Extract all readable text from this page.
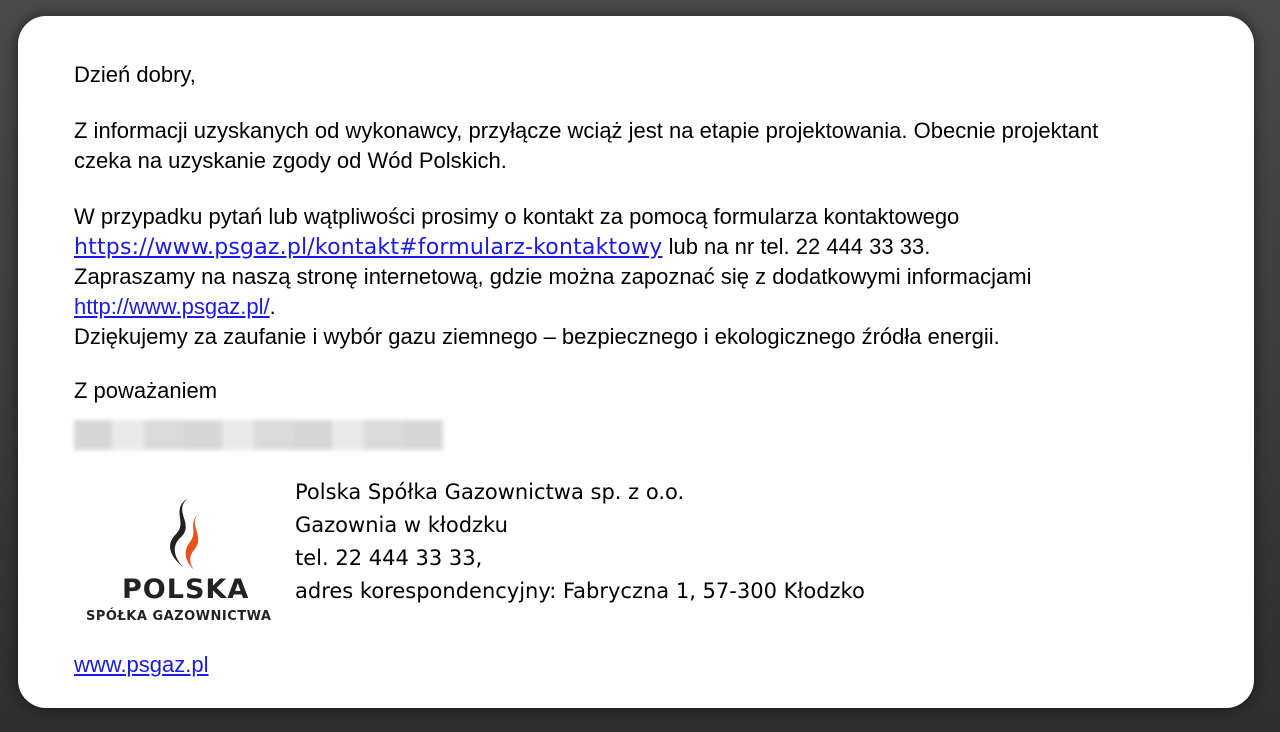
Dzień dobry,
Z informacji uzyskanych od wykonawcy, przyłącze wciąż jest na etapie projektowania. Obecnie projektant
czeka na uzyskanie zgody od Wód Polskich.
W przypadku pytań lub wątpliwości prosimy o kontakt za pomocą formularza kontaktowego
https://www.psgaz.pl/kontakt#formularz-kontaktowy lub na nr tel. 22 444 33 33.
Zapraszamy na naszą stronę internetową, gdzie można zapoznać się z dodatkowymi informacjami
http://www.psgaz.pl/.
Dziękujemy za zaufanie i wybór gazu ziemnego – bezpiecznego i ekologicznego źródła energii.
Z poważaniem
POLSKA
SPÓŁKA GAZOWNICTWA
Polska Spółka Gazownictwa sp. z o.o.
Gazownia w kłodzku
tel. 22 444 33 33,
adres korespondencyjny: Fabryczna 1, 57-300 Kłodzko
www.psgaz.pl
